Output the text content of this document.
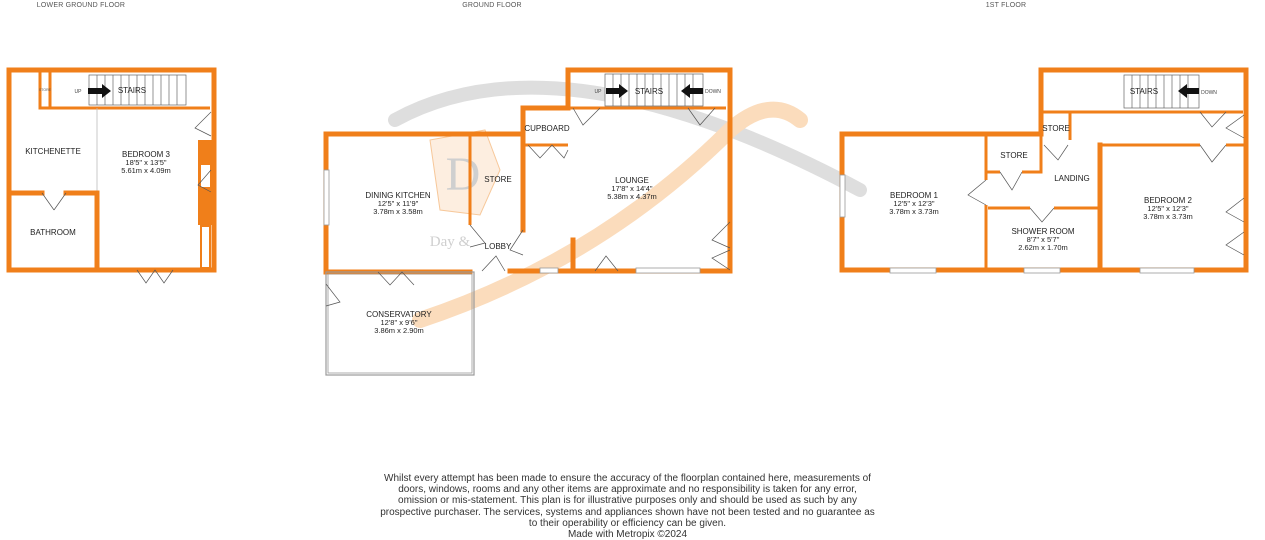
D
Day &
LOWER GROUND FLOOR	GROUND FLOOR	1ST FLOOR
UP
STORE	STAIRS
KITCHENETTE
BATHROOM
BEDROOM 3
18'5" x 13'5"
5.61m x 4.09m
UP	DOWN
STAIRS
DINING KITCHEN
12'5" x 11'9"
3.78m x 3.58m
STORE
CUPBOARD
LOUNGE
17'8" x 14'4"
5.38m x 4.37m
LOBBY
CONSERVATORY
12'8" x 9'6"
3.86m x 2.90m
STAIRS	DOWN
BEDROOM 1
12'5" x 12'3"
3.78m x 3.73m
STORE
STORE
LANDING
SHOWER ROOM
8'7" x 5'7"
2.62m x 1.70m
BEDROOM 2
12'5" x 12'3"
3.78m x 3.73m
Whilst every attempt has been made to ensure the accuracy of the floorplan contained here, measurements of doors, windows, rooms and any other items are approximate and no responsibility is taken for any error, omission or mis-statement. This plan is for illustrative purposes only and should be used as such by any prospective purchaser. The services, systems and appliances shown have not been tested and no guarantee as to their operability or efficiency can be given.
Made with Metropix ©2024
